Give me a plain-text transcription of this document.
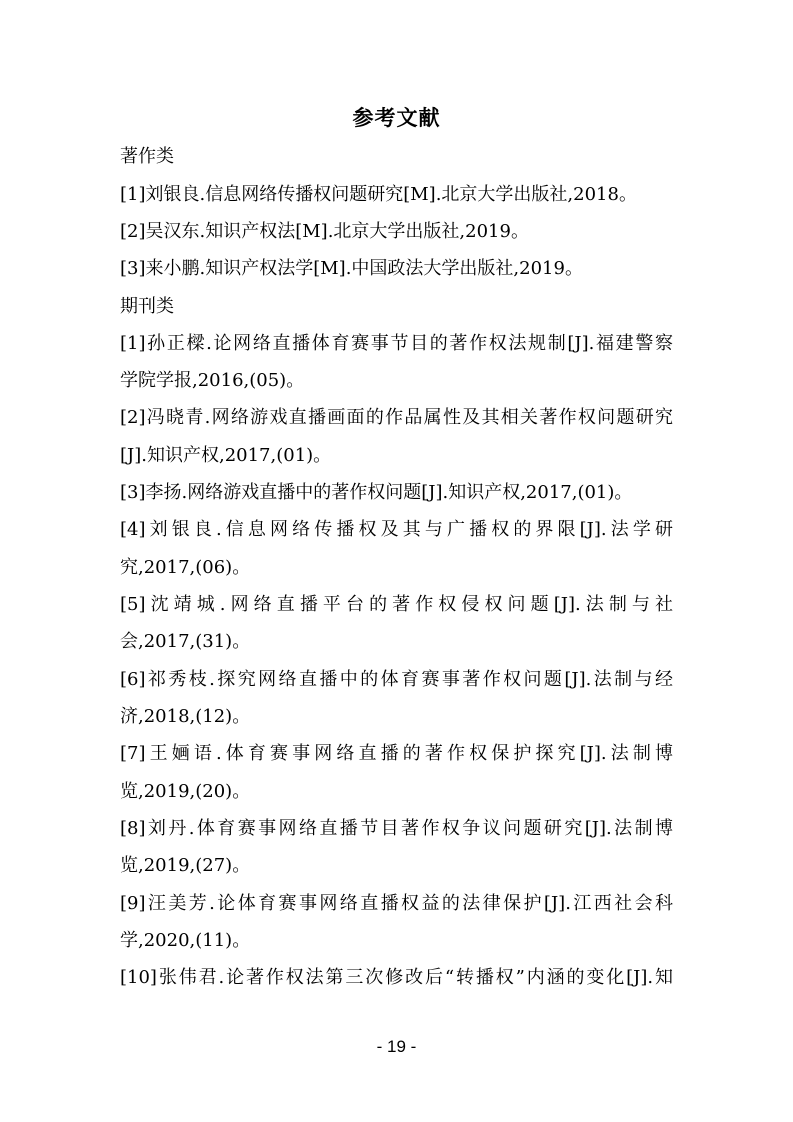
参考文献
著作类
[1]刘银良.信息网络传播权问题研究[M].北京大学出版社,2018。
[2]吴汉东.知识产权法[M].北京大学出版社,2019。
[3]来小鹏.知识产权法学[M].中国政法大学出版社,2019。
期刊类
[1]孙正樑.论网络直播体育赛事节目的著作权法规制[J].福建警察
学院学报,2016,(05)。
[2]冯晓青.网络游戏直播画面的作品属性及其相关著作权问题研究
[J].知识产权,2017,(01)。
[3]李扬.网络游戏直播中的著作权问题[J].知识产权,2017,(01)。
[4]刘银良.信息网络传播权及其与广播权的界限[J].法学研
究,2017,(06)。
[5]沈靖城.网络直播平台的著作权侵权问题[J].法制与社
会,2017,(31)。
[6]祁秀枝.探究网络直播中的体育赛事著作权问题[J].法制与经
济,2018,(12)。
[7]王婳语.体育赛事网络直播的著作权保护探究[J].法制博
览,2019,(20)。
[8]刘丹.体育赛事网络直播节目著作权争议问题研究[J].法制博
览,2019,(27)。
[9]汪美芳.论体育赛事网络直播权益的法律保护[J].江西社会科
学,2020,(11)。
[10]张伟君.论著作权法第三次修改后“转播权”内涵的变化[J].知
- 19 -
